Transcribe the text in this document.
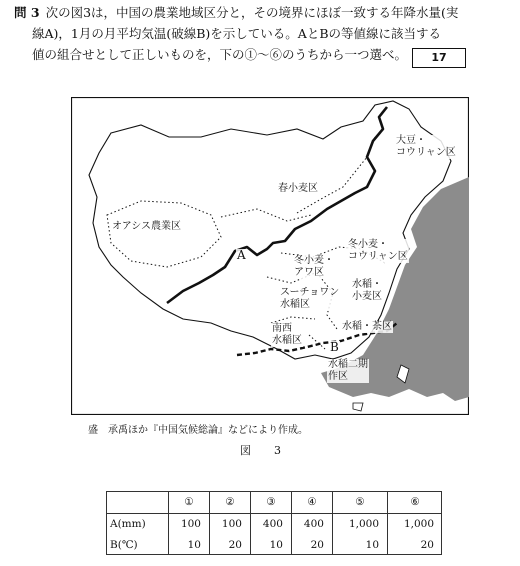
問 3 次の図3は，中国の農業地域区分と，その境界にほぼ一致する年降水量(実
線A)，1月の月平均気温(破線B)を示している。AとBの等値線に該当する
値の組合せとして正しいものを，下の①～⑥のうちから一つ選べ。	17
大豆・
コウリャン区
春小麦区
オアシス農業区
冬小麦・
コウリャン区
冬小麦・
アワ区
スーチョワン
水稲区
水稲・
小麦区
水稲・茶区
南西
水稲区
水稲二期
作区
A
B
盛　承禹ほか『中国気候総論』などにより作成。
図　3
	①	②	③	④	⑤	⑥
A(mm)	100	100	400	400	1,000	1,000
B(℃)	10	20	10	20	10	20
